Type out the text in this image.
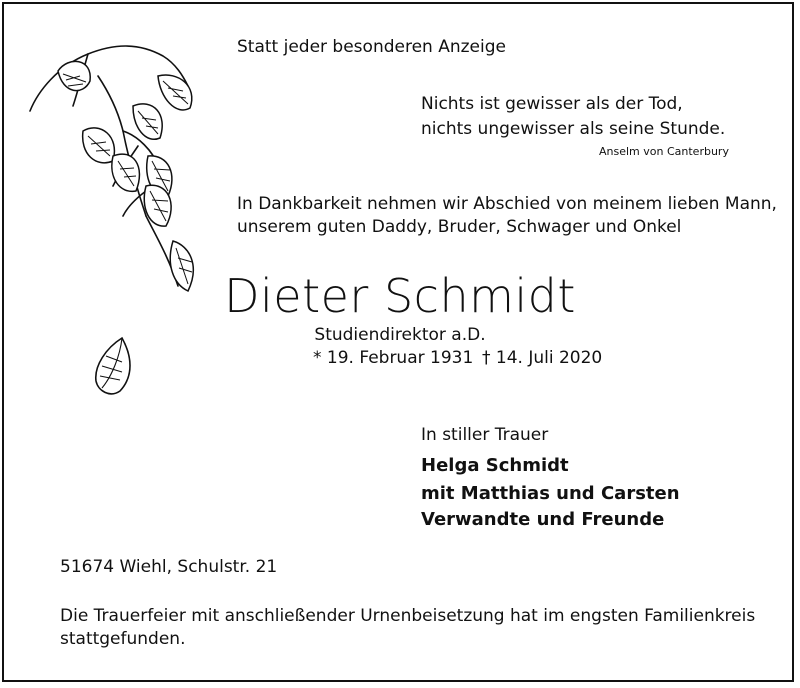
Statt jeder besonderen Anzeige
Nichts ist gewisser als der Tod,
nichts ungewisser als seine Stunde.
Anselm von Canterbury
In Dankbarkeit nehmen wir Abschied von meinem lieben Mann,
unserem guten Daddy, Bruder, Schwager und Onkel
Dieter Schmidt
Studiendirektor a.D.
* 19. Februar 1931 † 14. Juli 2020
In stiller Trauer
Helga Schmidt
mit Matthias und Carsten
Verwandte und Freunde
51674 Wiehl, Schulstr. 21
Die Trauerfeier mit anschließender Urnenbeisetzung hat im engsten Familienkreis
stattgefunden.
